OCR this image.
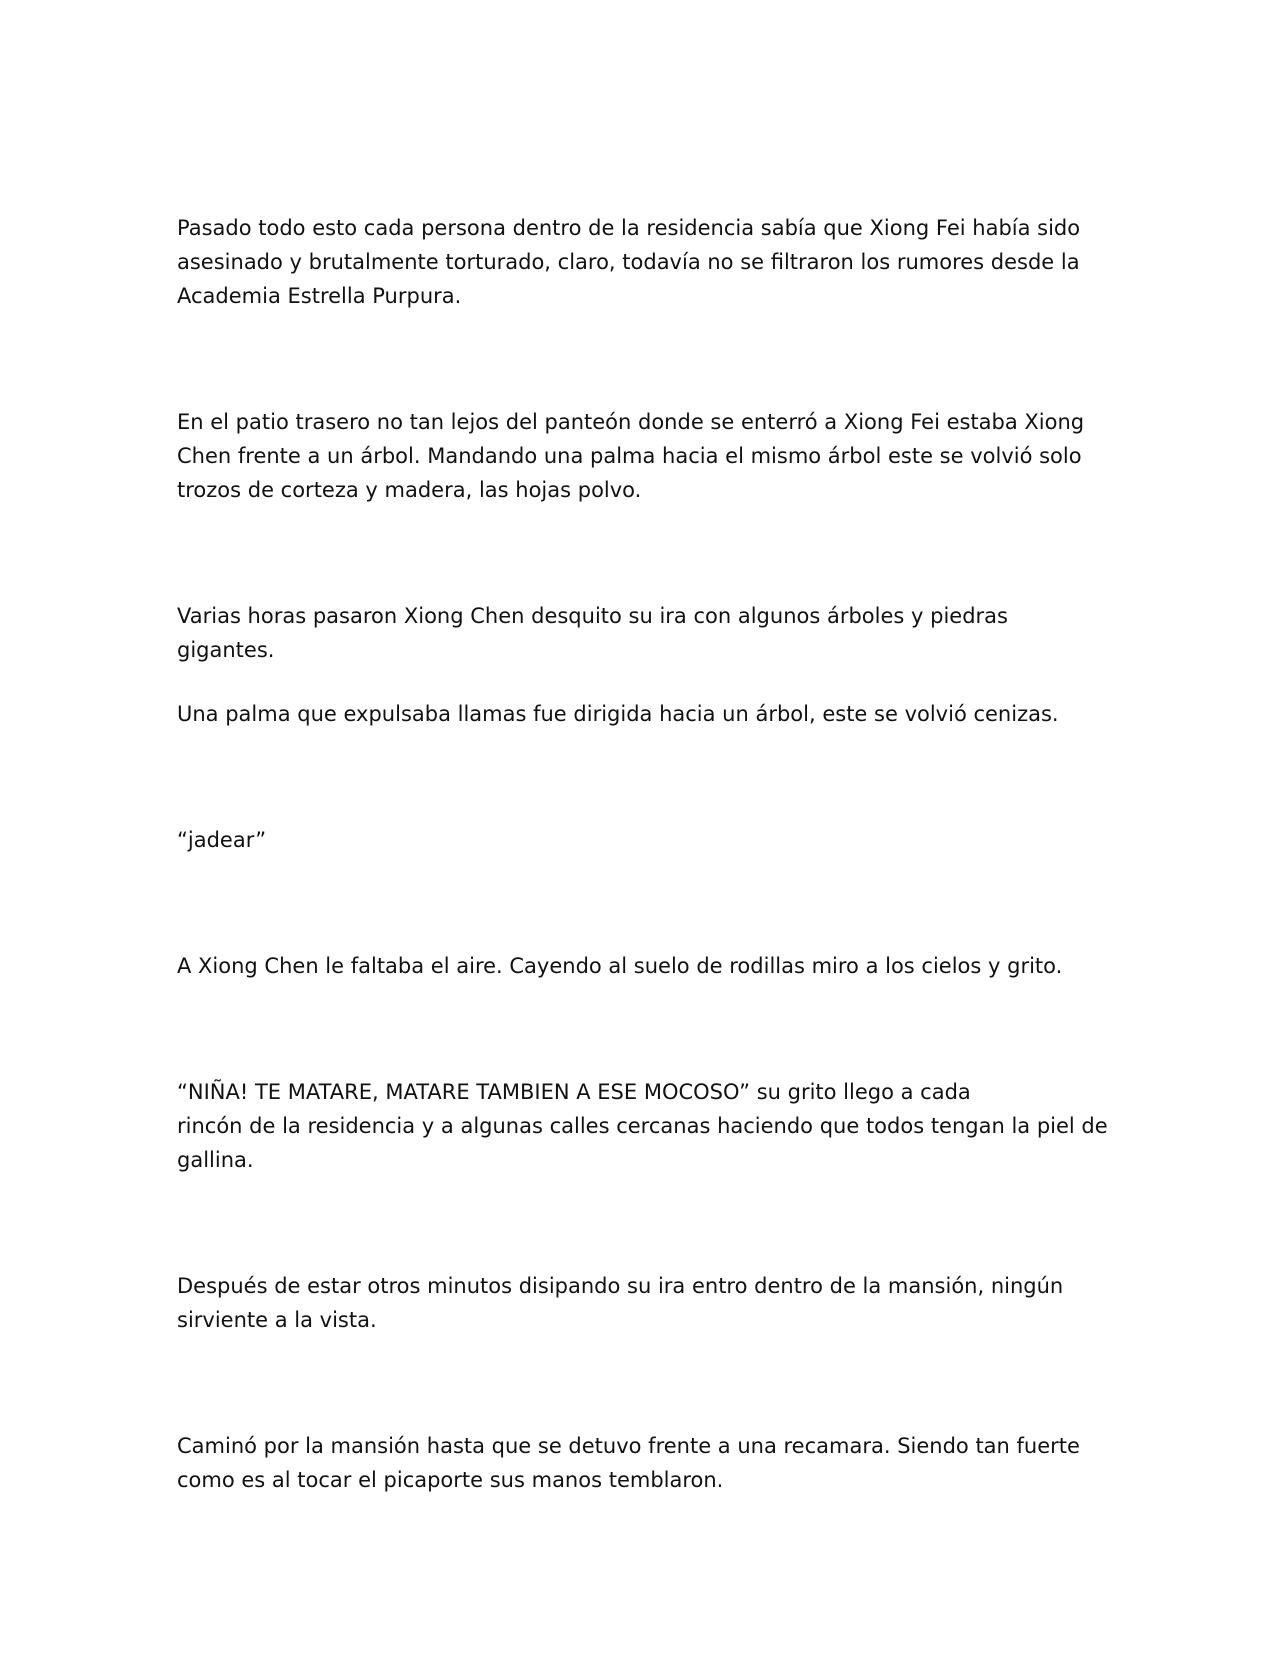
Pasado todo esto cada persona dentro de la residencia sabía que Xiong Fei había sido
asesinado y brutalmente torturado, claro, todavía no se filtraron los rumores desde la
Academia Estrella Purpura.

En el patio trasero no tan lejos del panteón donde se enterró a Xiong Fei estaba Xiong
Chen frente a un árbol. Mandando una palma hacia el mismo árbol este se volvió solo
trozos de corteza y madera, las hojas polvo.

Varias horas pasaron Xiong Chen desquito su ira con algunos árboles y piedras
gigantes.

Una palma que expulsaba llamas fue dirigida hacia un árbol, este se volvió cenizas.

“jadear”

A Xiong Chen le faltaba el aire. Cayendo al suelo de rodillas miro a los cielos y grito.

“NIÑA! TE MATARE, MATARE TAMBIEN A ESE MOCOSO” su grito llego a cada
rincón de la residencia y a algunas calles cercanas haciendo que todos tengan la piel de
gallina.

Después de estar otros minutos disipando su ira entro dentro de la mansión, ningún
sirviente a la vista.

Caminó por la mansión hasta que se detuvo frente a una recamara. Siendo tan fuerte
como es al tocar el picaporte sus manos temblaron.
